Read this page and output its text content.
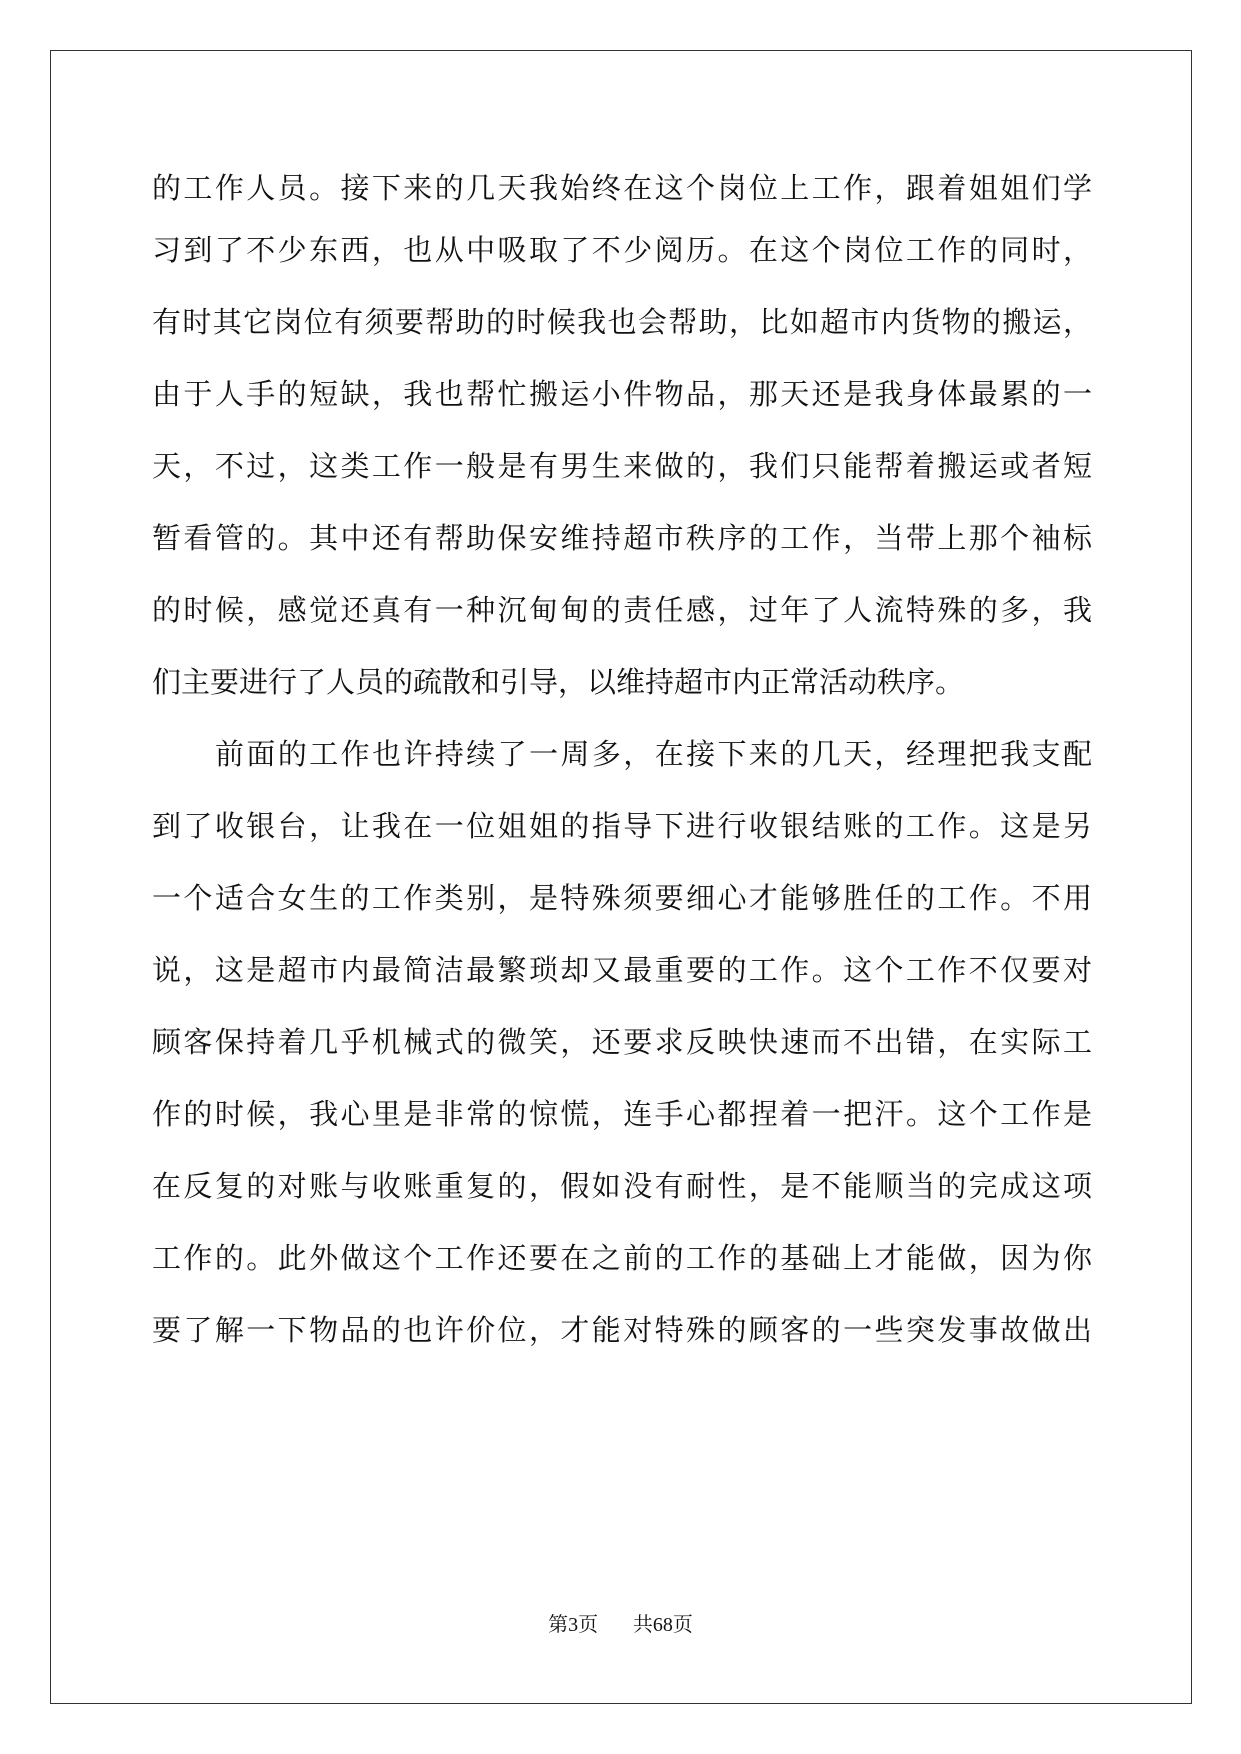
的工作人员。接下来的几天我始终在这个岗位上工作，跟着姐姐们学
习到了不少东西，也从中吸取了不少阅历。在这个岗位工作的同时，
有时其它岗位有须要帮助的时候我也会帮助，比如超市内货物的搬运，
由于人手的短缺，我也帮忙搬运小件物品，那天还是我身体最累的一
天，不过，这类工作一般是有男生来做的，我们只能帮着搬运或者短
暂看管的。其中还有帮助保安维持超市秩序的工作，当带上那个袖标
的时候，感觉还真有一种沉甸甸的责任感，过年了人流特殊的多，我
们主要进行了人员的疏散和引导，以维持超市内正常活动秩序。
前面的工作也许持续了一周多，在接下来的几天，经理把我支配
到了收银台，让我在一位姐姐的指导下进行收银结账的工作。这是另
一个适合女生的工作类别，是特殊须要细心才能够胜任的工作。不用
说，这是超市内最简洁最繁琐却又最重要的工作。这个工作不仅要对
顾客保持着几乎机械式的微笑，还要求反映快速而不出错，在实际工
作的时候，我心里是非常的惊慌，连手心都捏着一把汗。这个工作是
在反复的对账与收账重复的，假如没有耐性，是不能顺当的完成这项
工作的。此外做这个工作还要在之前的工作的基础上才能做，因为你
要了解一下物品的也许价位，才能对特殊的顾客的一些突发事故做出
第3页 共68页
